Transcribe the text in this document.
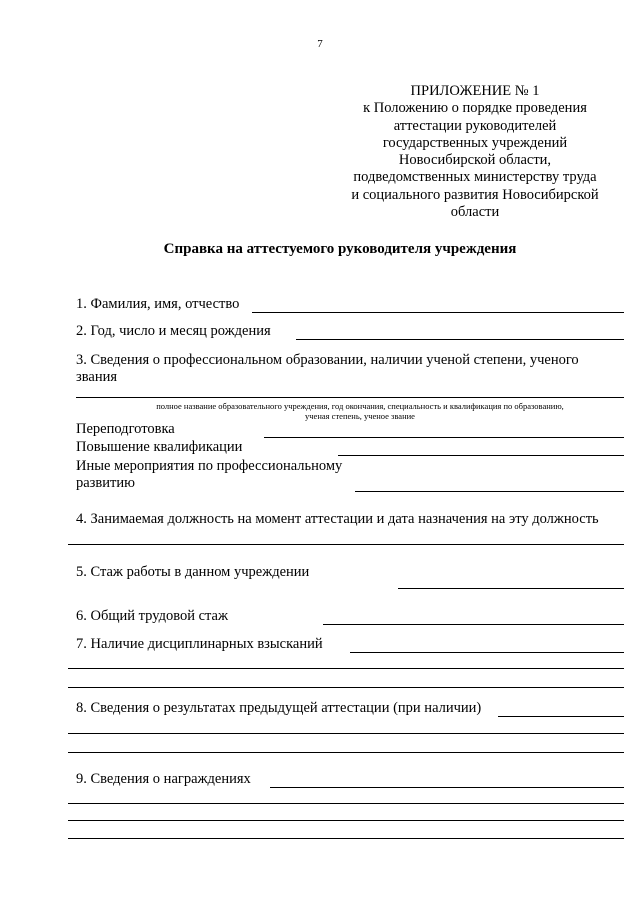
7
ПРИЛОЖЕНИЕ № 1
к Положению о порядке проведения
аттестации руководителей
государственных учреждений
Новосибирской области,
подведомственных министерству труда
и социального развития Новосибирской
области
Справка на аттестуемого руководителя учреждения
1. Фамилия, имя, отчество
2. Год, число и месяц рождения
3. Сведения о профессиональном образовании, наличии ученой степени, ученого
звания
полное название образовательного учреждения, год окончания, специальность и квалификация по образованию,
ученая степень, ученое звание
Переподготовка
Повышение квалификации
Иные мероприятия по профессиональному
развитию
4. Занимаемая должность на момент аттестации и дата назначения на эту должность
5. Стаж работы в данном учреждении
6. Общий трудовой стаж
7. Наличие дисциплинарных взысканий
8. Сведения о результатах предыдущей аттестации (при наличии)
9. Сведения о награждениях
